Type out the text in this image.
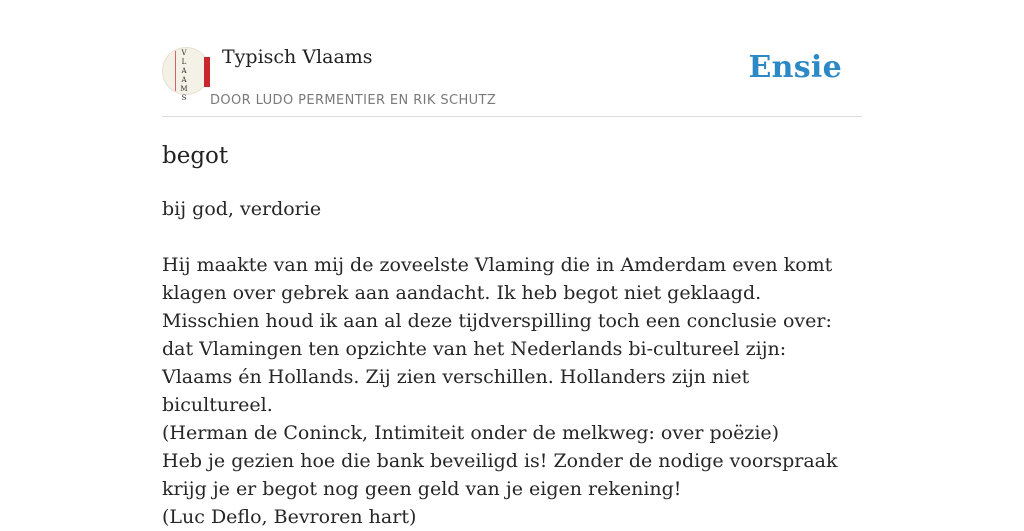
V
L
A
A
M
S
Typisch Vlaams
DOOR LUDO PERMENTIER EN RIK SCHUTZ
Ensie
begot
bij god, verdorie

Hij maakte van mij de zoveelste Vlaming die in Amderdam even komt klagen over gebrek aan aandacht. Ik heb begot niet geklaagd. Misschien houd ik aan al deze tijdverspilling toch een conclusie over: dat Vlamingen ten opzichte van het Nederlands bi-cultureel zijn: Vlaams én Hollands. Zij zien verschillen. Hollanders zijn niet bicultureel.

(Herman de Coninck, Intimiteit onder de melkweg: over poëzie)

Heb je gezien hoe die bank beveiligd is! Zonder de nodige voorspraak krijg je er begot nog geen geld van je eigen rekening!

(Luc Deflo, Bevroren hart)
